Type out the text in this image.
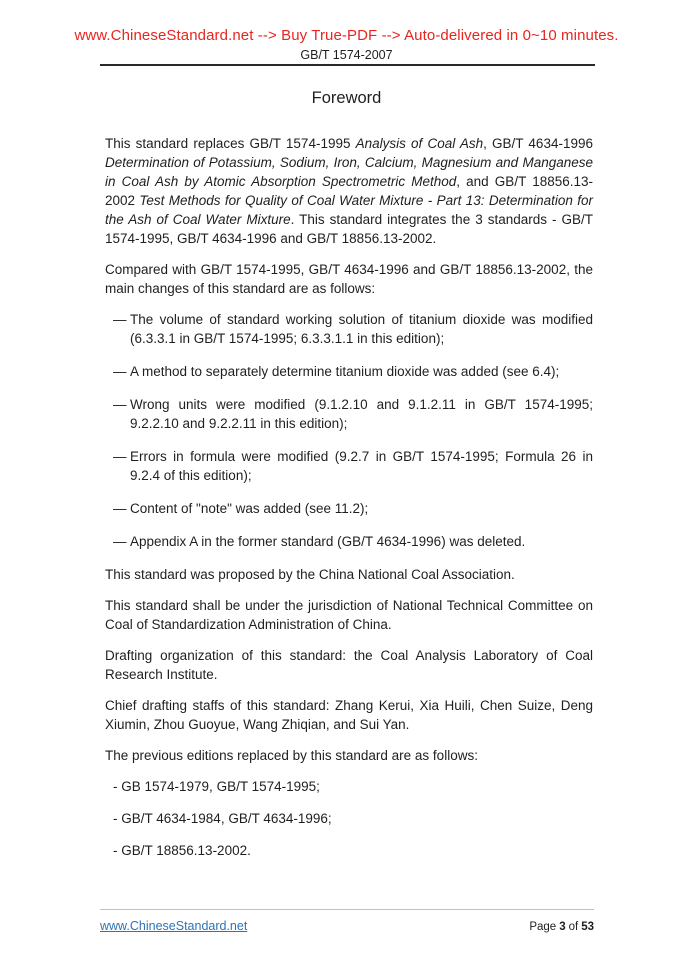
www.ChineseStandard.net --> Buy True-PDF --> Auto-delivered in 0~10 minutes.
GB/T 1574-2007
Foreword

This standard replaces GB/T 1574-1995 Analysis of Coal Ash, GB/T 4634-1996 Determination of Potassium, Sodium, Iron, Calcium, Magnesium and Manganese in Coal Ash by Atomic Absorption Spectrometric Method, and GB/T 18856.13-2002 Test Methods for Quality of Coal Water Mixture - Part 13: Determination for the Ash of Coal Water Mixture. This standard integrates the 3 standards - GB/T 1574-1995, GB/T 4634-1996 and GB/T 18856.13-2002.

Compared with GB/T 1574-1995, GB/T 4634-1996 and GB/T 18856.13-2002, the main changes of this standard are as follows:

— The volume of standard working solution of titanium dioxide was modified (6.3.3.1 in GB/T 1574-1995; 6.3.3.1.1 in this edition);
— A method to separately determine titanium dioxide was added (see 6.4);
— Wrong units were modified (9.1.2.10 and 9.1.2.11 in GB/T 1574-1995; 9.2.2.10 and 9.2.2.11 in this edition);
— Errors in formula were modified (9.2.7 in GB/T 1574-1995; Formula 26 in 9.2.4 of this edition);
— Content of "note" was added (see 11.2);
— Appendix A in the former standard (GB/T 4634-1996) was deleted.

This standard was proposed by the China National Coal Association.

This standard shall be under the jurisdiction of National Technical Committee on Coal of Standardization Administration of China.

Drafting organization of this standard: the Coal Analysis Laboratory of Coal Research Institute.

Chief drafting staffs of this standard: Zhang Kerui, Xia Huili, Chen Suize, Deng Xiumin, Zhou Guoyue, Wang Zhiqian, and Sui Yan.

The previous editions replaced by this standard are as follows:

- GB 1574-1979, GB/T 1574-1995;

- GB/T 4634-1984, GB/T 4634-1996;

- GB/T 18856.13-2002.

www.ChineseStandard.net	Page 3 of 53
